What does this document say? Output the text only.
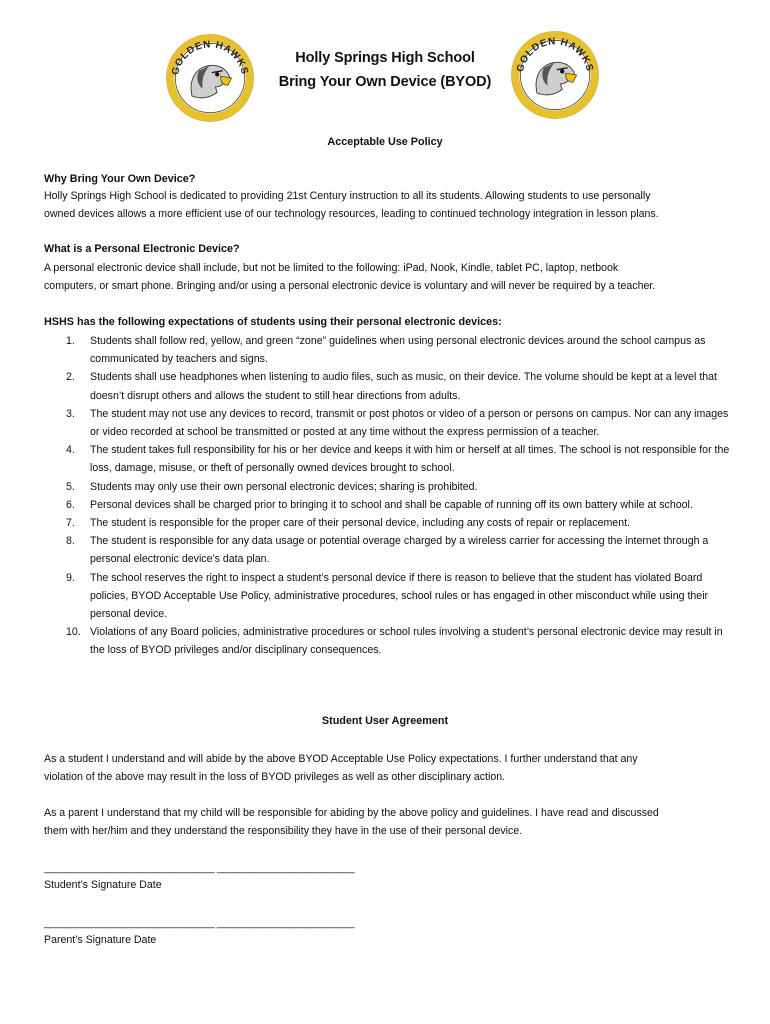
GOLDEN HAWKS	GOLDEN HAWKS
Holly Springs High School
Bring Your Own Device (BYOD)
Acceptable Use Policy
Why Bring Your Own Device?
Holly Springs High School is dedicated to providing 21st Century instruction to all its students. Allowing students to use personally
owned devices allows a more efficient use of our technology resources, leading to continued technology integration in lesson plans.
What is a Personal Electronic Device?
A personal electronic device shall include, but not be limited to the following: iPad, Nook, Kindle, tablet PC, laptop, netbook
computers, or smart phone. Bringing and/or using a personal electronic device is voluntary and will never be required by a teacher.
HSHS has the following expectations of students using their personal electronic devices:
1.	Students shall follow red, yellow, and green “zone” guidelines when using personal electronic devices around the school campus as communicated by teachers and signs.
2.	Students shall use headphones when listening to audio files, such as music, on their device. The volume should be kept at a level that doesn’t disrupt others and allows the student to still hear directions from adults.
3.	The student may not use any devices to record, transmit or post photos or video of a person or persons on campus. Nor can any images or video recorded at school be transmitted or posted at any time without the express permission of a teacher.
4.	The student takes full responsibility for his or her device and keeps it with him or herself at all times. The school is not responsible for the loss, damage, misuse, or theft of personally owned devices brought to school.
5.	Students may only use their own personal electronic devices; sharing is prohibited.
6.	Personal devices shall be charged prior to bringing it to school and shall be capable of running off its own battery while at school.
7.	The student is responsible for the proper care of their personal device, including any costs of repair or replacement.
8.	The student is responsible for any data usage or potential overage charged by a wireless carrier for accessing the internet through a personal electronic device’s data plan.
9.	The school reserves the right to inspect a student’s personal device if there is reason to believe that the student has violated Board policies, BYOD Acceptable Use Policy, administrative procedures, school rules or has engaged in other misconduct while using their personal device.
10. Violations of any Board policies, administrative procedures or school rules involving a student’s personal electronic device may result in the loss of BYOD privileges and/or disciplinary consequences.
Student User Agreement
As a student I understand and will abide by the above BYOD Acceptable Use Policy expectations. I further understand that any
violation of the above may result in the loss of BYOD privileges as well as other disciplinary action.
As a parent I understand that my child will be responsible for abiding by the above policy and guidelines. I have read and discussed
them with her/him and they understand the responsibility they have in the use of their personal device.
_______________________________ _________________________
Student’s Signature Date
_______________________________ _________________________
Parent’s Signature Date
